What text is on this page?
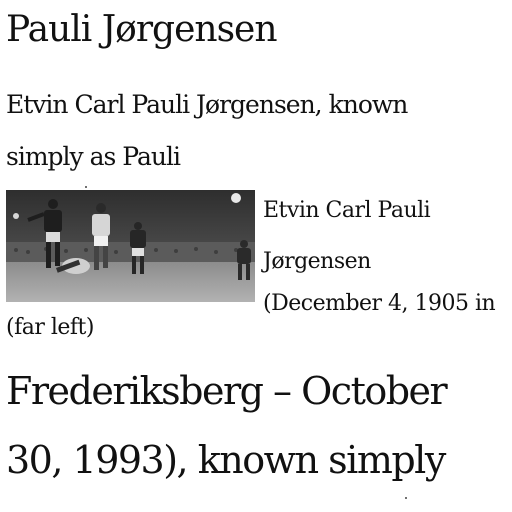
Pauli Jørgensen

Etvin Carl Pauli Jørgensen, known

simply as Pauli

Etvin Carl Pauli

Jørgensen

(December 4, 1905 in

(far left)

Frederiksberg – October

30, 1993), known simply
